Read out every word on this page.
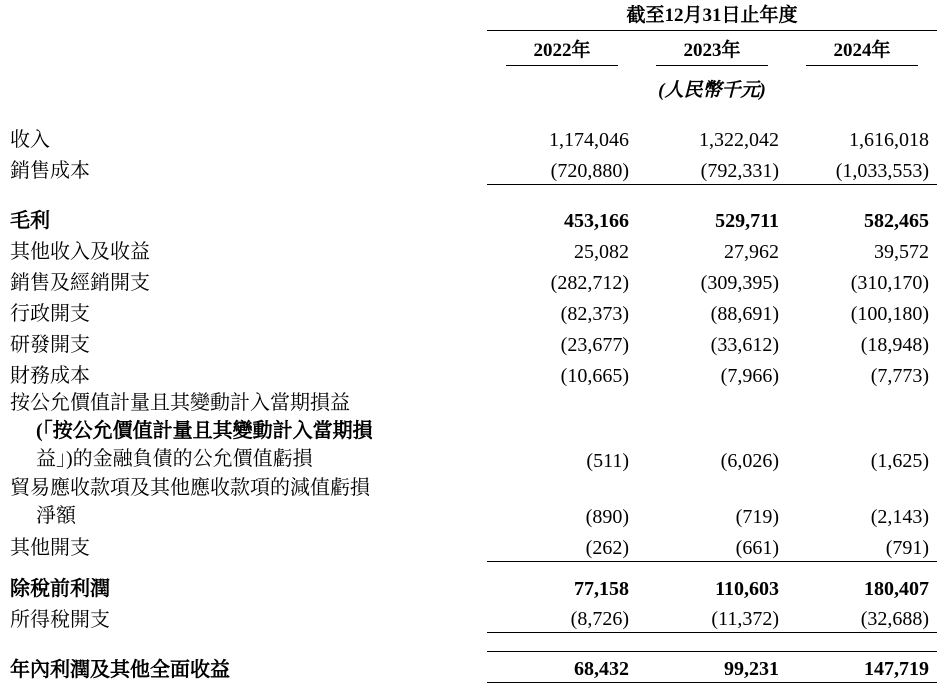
	截至12月31日止年度			
	2022年	2023年	2024年	
	(人民幣千元)			

收入	1,174,046	1,322,042	1,616,018	
銷售成本	(720,880)	(792,331)	(1,033,553)	

毛利	453,166	529,711	582,465	
其他收入及收益	25,082	27,962	39,572	
銷售及經銷開支	(282,712)	(309,395)	(310,170)	
行政開支	(82,373)	(88,691)	(100,180)	
研發開支	(23,677)	(33,612)	(18,948)	
財務成本	(10,665)	(7,966)	(7,773)	
按公允價值計量且其變動計入當期損益				
(「按公允價值計量且其變動計入當期損				
益」)的金融負債的公允價值虧損	(511)	(6,026)	(1,625)	
貿易應收款項及其他應收款項的減值虧損				
淨額	(890)	(719)	(2,143)	
其他開支	(262)	(661)	(791)	

除稅前利潤	77,158	110,603	180,407	
所得稅開支	(8,726)	(11,372)	(32,688)	

年內利潤及其他全面收益	68,432	99,231	147,719	
